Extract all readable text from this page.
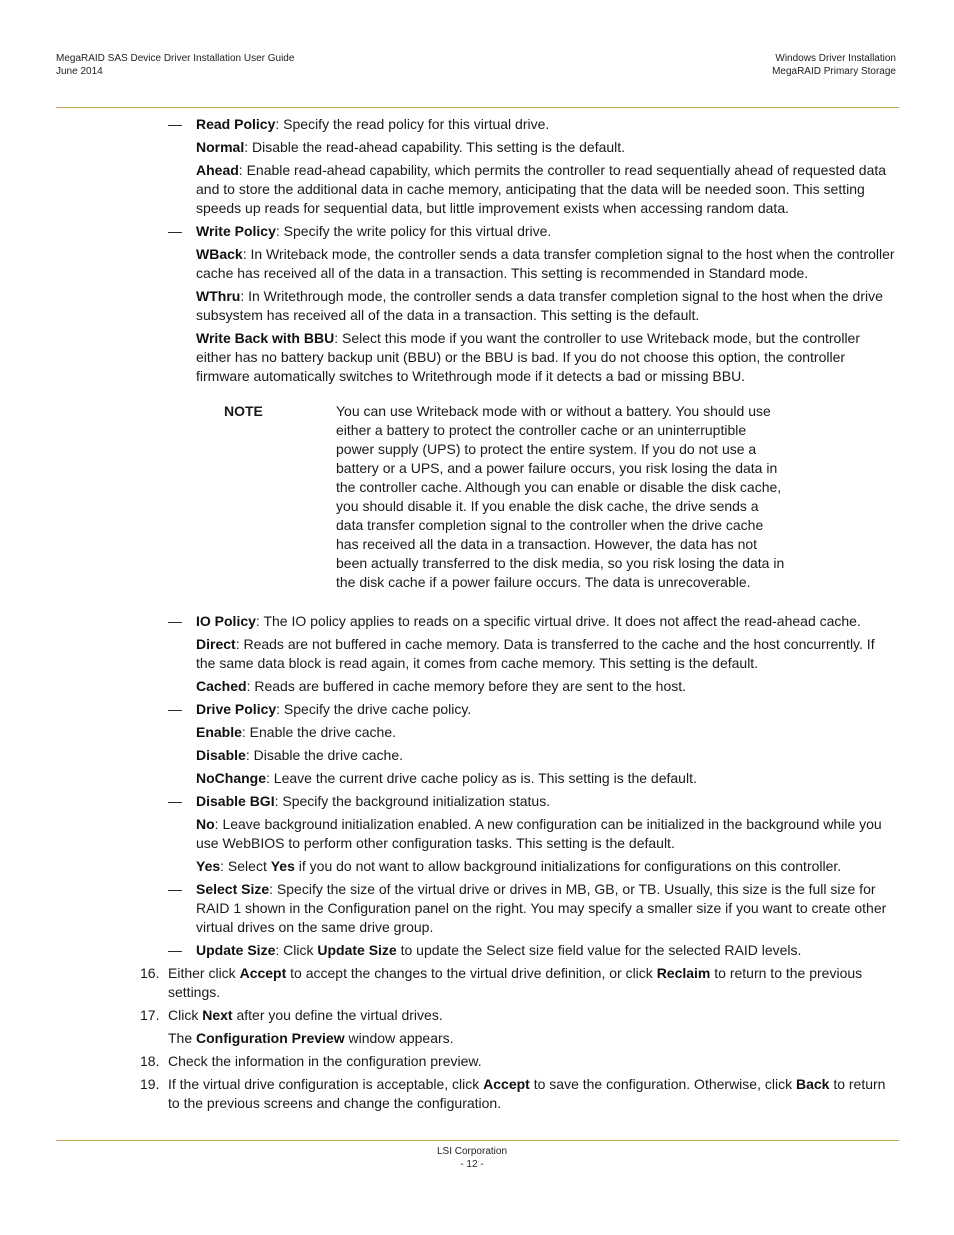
MegaRAID SAS Device Driver Installation User Guide
June 2014
Windows Driver Installation
MegaRAID Primary Storage
— Read Policy: Specify the read policy for this virtual drive.
Normal: Disable the read-ahead capability. This setting is the default.
Ahead: Enable read-ahead capability, which permits the controller to read sequentially ahead of requested data and to store the additional data in cache memory, anticipating that the data will be needed soon. This setting speeds up reads for sequential data, but little improvement exists when accessing random data.
— Write Policy: Specify the write policy for this virtual drive.
WBack: In Writeback mode, the controller sends a data transfer completion signal to the host when the controller cache has received all of the data in a transaction. This setting is recommended in Standard mode.
WThru: In Writethrough mode, the controller sends a data transfer completion signal to the host when the drive subsystem has received all of the data in a transaction. This setting is the default.
Write Back with BBU: Select this mode if you want the controller to use Writeback mode, but the controller either has no battery backup unit (BBU) or the BBU is bad. If you do not choose this option, the controller firmware automatically switches to Writethrough mode if it detects a bad or missing BBU.
NOTE	You can use Writeback mode with or without a battery. You should use either a battery to protect the controller cache or an uninterruptible power supply (UPS) to protect the entire system. If you do not use a battery or a UPS, and a power failure occurs, you risk losing the data in the controller cache. Although you can enable or disable the disk cache, you should disable it. If you enable the disk cache, the drive sends a data transfer completion signal to the controller when the drive cache has received all the data in a transaction. However, the data has not been actually transferred to the disk media, so you risk losing the data in the disk cache if a power failure occurs. The data is unrecoverable.
— IO Policy: The IO policy applies to reads on a specific virtual drive. It does not affect the read-ahead cache.
Direct: Reads are not buffered in cache memory. Data is transferred to the cache and the host concurrently. If the same data block is read again, it comes from cache memory. This setting is the default.
Cached: Reads are buffered in cache memory before they are sent to the host.
— Drive Policy: Specify the drive cache policy.
Enable: Enable the drive cache.
Disable: Disable the drive cache.
NoChange: Leave the current drive cache policy as is. This setting is the default.
— Disable BGI: Specify the background initialization status.
No: Leave background initialization enabled. A new configuration can be initialized in the background while you use WebBIOS to perform other configuration tasks. This setting is the default.
Yes: Select Yes if you do not want to allow background initializations for configurations on this controller.
— Select Size: Specify the size of the virtual drive or drives in MB, GB, or TB. Usually, this size is the full size for RAID 1 shown in the Configuration panel on the right. You may specify a smaller size if you want to create other virtual drives on the same drive group.
— Update Size: Click Update Size to update the Select size field value for the selected RAID levels.
16. Either click Accept to accept the changes to the virtual drive definition, or click Reclaim to return to the previous settings.
17. Click Next after you define the virtual drives.
The Configuration Preview window appears.
18. Check the information in the configuration preview.
19. If the virtual drive configuration is acceptable, click Accept to save the configuration. Otherwise, click Back to return to the previous screens and change the configuration.
LSI Corporation
- 12 -
